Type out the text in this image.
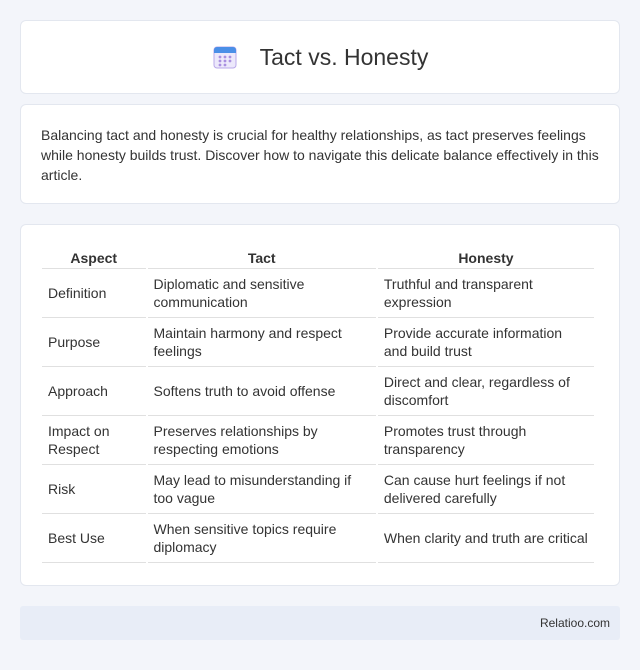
Tact vs. Honesty

Balancing tact and honesty is crucial for healthy relationships, as tact preserves feelings while honesty builds trust. Discover how to navigate this delicate balance effectively in this article.

Aspect	Tact	Honesty
Definition	Diplomatic and sensitive communication	Truthful and transparent expression
Purpose	Maintain harmony and respect feelings	Provide accurate information and build trust
Approach	Softens truth to avoid offense	Direct and clear, regardless of discomfort
Impact on Respect	Preserves relationships by respecting emotions	Promotes trust through transparency
Risk	May lead to misunderstanding if too vague	Can cause hurt feelings if not delivered carefully
Best Use	When sensitive topics require diplomacy	When clarity and truth are critical
Relatioo.com
